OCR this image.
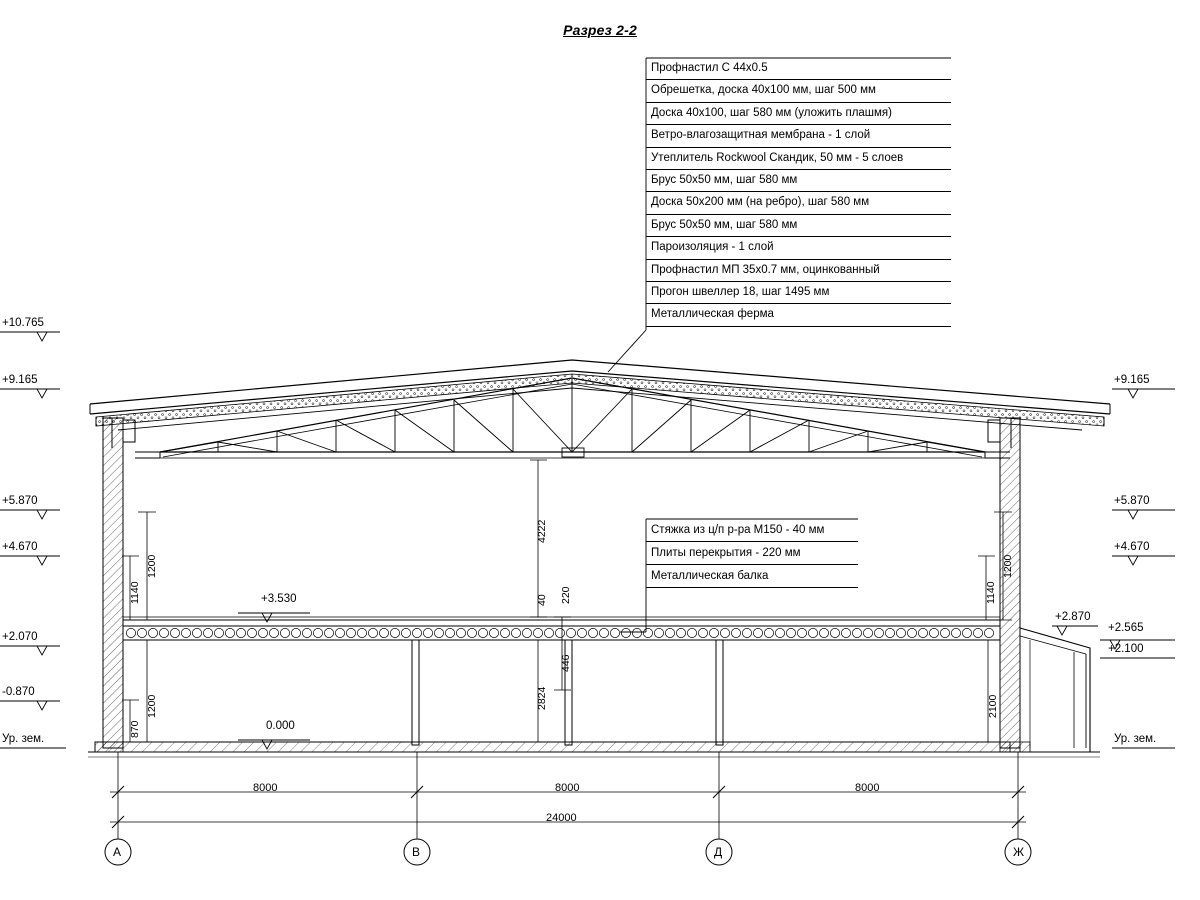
Разрез 2-2
Профнастил С 44х0.5
Обрешетка, доска 40х100 мм, шаг 500 мм
Доска 40х100, шаг 580 мм (уложить плашмя)
Ветро-влагозащитная мембрана - 1 слой
Утеплитель Rockwool Скандик, 50 мм - 5 слоев
Брус 50х50 мм, шаг 580 мм
Доска 50х200 мм (на ребро), шаг 580 мм
Брус 50х50 мм, шаг 580 мм
Пароизоляция - 1 слой
Профнастил МП 35х0.7 мм, оцинкованный
Прогон швеллер 18, шаг 1495 мм
Металлическая ферма
Стяжка из ц/п р-ра М150 - 40 мм
Плиты перекрытия - 220 мм
Металлическая балка
+10.765
+9.165
+5.870
+4.670
+2.070
-0.870
Ур. зем.
+9.165
+5.870
+4.670
+2.870
+2.565
+2.100
Ур. зем.
+3.530
0.000
1200
1140
1200
870
1200
1140
2100
4222
40 220
446
2824
8000	8000	8000
24000
А	В	Д	Ж
